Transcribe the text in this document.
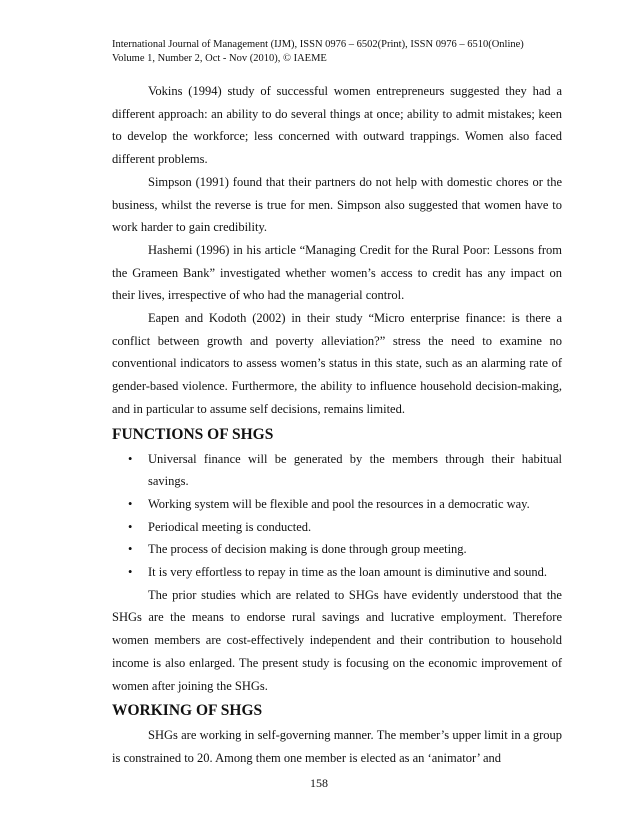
International Journal of Management (IJM), ISSN 0976 – 6502(Print), ISSN 0976 – 6510(Online)
Volume 1, Number 2, Oct - Nov (2010), © IAEME

Vokins (1994) study of successful women entrepreneurs suggested they had a different approach: an ability to do several things at once; ability to admit mistakes; keen to develop the workforce; less concerned with outward trappings. Women also faced different problems.

Simpson (1991) found that their partners do not help with domestic chores or the business, whilst the reverse is true for men. Simpson also suggested that women have to work harder to gain credibility.

Hashemi (1996) in his article “Managing Credit for the Rural Poor: Lessons from the Grameen Bank” investigated whether women’s access to credit has any impact on their lives, irrespective of who had the managerial control.

Eapen and Kodoth (2002) in their study “Micro enterprise finance: is there a conflict between growth and poverty alleviation?” stress the need to examine no conventional indicators to assess women’s status in this state, such as an alarming rate of gender-based violence. Furthermore, the ability to influence household decision-making, and in particular to assume self decisions, remains limited.

FUNCTIONS OF SHGS
• Universal finance will be generated by the members through their habitual savings.
• Working system will be flexible and pool the resources in a democratic way.
• Periodical meeting is conducted.
• The process of decision making is done through group meeting.
• It is very effortless to repay in time as the loan amount is diminutive and sound.

The prior studies which are related to SHGs have evidently understood that the SHGs are the means to endorse rural savings and lucrative employment. Therefore women members are cost-effectively independent and their contribution to household income is also enlarged. The present study is focusing on the economic improvement of women after joining the SHGs.

WORKING OF SHGS

SHGs are working in self-governing manner. The member’s upper limit in a group is constrained to 20. Among them one member is elected as an ‘animator’ and

158
